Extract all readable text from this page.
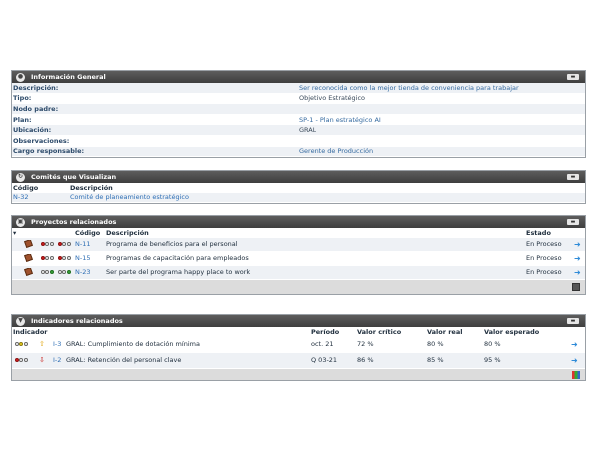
● Información General	▬
Descripción:	Ser reconocida como la mejor tienda de conveniencia para trabajar
Tipo:	Objetivo Estratégico
Nodo padre:
Plan:	SP-1 - Plan estratégico AI
Ubicación:	GRAL
Observaciones:
Cargo responsable:	Gerente de Producción
↻	Comités que Visualizan	▬
Código	Descripción
N-32	Comité de planeamiento estratégico
▣ Proyectos relacionados	▬
▾	Código Descripción	Estado
N-11	Programa de beneficios para el personal	En Proceso	➜
N-15	Programas de capacitación para empleados	En Proceso	➜
N-23	Ser parte del programa happy place to work	En Proceso	➜
▼	Indicadores relacionados	▬
Indicador	Período	Valor crítico	Valor real	Valor esperado
⇧	I-3 GRAL: Cumplimiento de dotación mínima	oct. 21	72 %	80 %	80 %	➜
⇩	I-2 GRAL: Retención del personal clave	Q 03-21	86 %	85 %	95 %	➜
